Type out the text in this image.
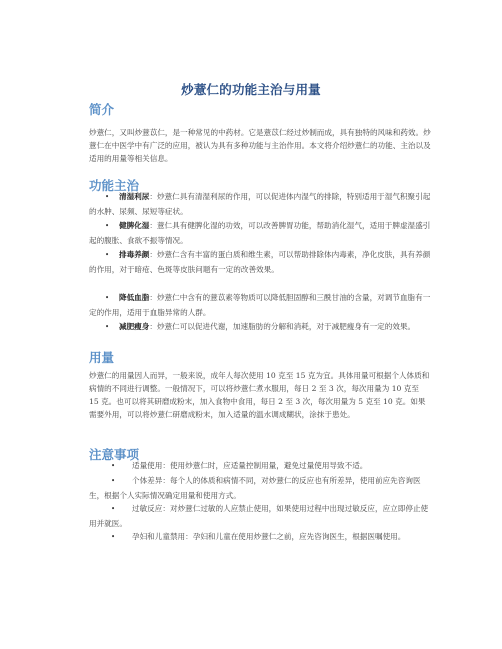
炒薏仁的功能主治与用量
简介
炒薏仁，又叫炒薏苡仁，是一种常见的中药材。它是薏苡仁经过炒制而成，具有独特的风味和药效。炒薏仁在中医学中有广泛的应用，被认为具有多种功能与主治作用。本文将介绍炒薏仁的功能、主治以及适用的用量等相关信息。
功能主治
• 清湿利尿：炒薏仁具有清湿利尿的作用，可以促进体内湿气的排除，特别适用于湿气积聚引起的水肿、尿频、尿短等症状。
• 健脾化湿：薏仁具有健脾化湿的功效，可以改善脾胃功能，帮助消化湿气，适用于脾虚湿盛引起的腹胀、食欲不振等情况。
• 排毒养颜：炒薏仁含有丰富的蛋白质和维生素，可以帮助排除体内毒素，净化皮肤，具有养颜的作用，对于暗疮、色斑等皮肤问题有一定的改善效果。
• 降低血脂：炒薏仁中含有的薏苡素等物质可以降低胆固醇和三酰甘油的含量，对调节血脂有一定的作用，适用于血脂异常的人群。
• 减肥瘦身：炒薏仁可以促进代谢，加速脂肪的分解和消耗，对于减肥瘦身有一定的效果。
用量
炒薏仁的用量因人而异，一般来说，成年人每次使用 10 克至 15 克为宜。具体用量可根据个人体质和病情的不同进行调整。一般情况下，可以将炒薏仁煮水服用，每日 2 至 3 次，每次用量为 10 克至 15 克。也可以将其研磨成粉末，加入食物中食用，每日 2 至 3 次，每次用量为 5 克至 10 克。如果需要外用，可以将炒薏仁研磨成粉末，加入适量的温水调成糊状，涂抹于患处。
注意事项
• 适量使用：使用炒薏仁时，应适量控制用量，避免过量使用导致不适。
• 个体差异：每个人的体质和病情不同，对炒薏仁的反应也有所差异，使用前应先咨询医生，根据个人实际情况确定用量和使用方式。
• 过敏反应：对炒薏仁过敏的人应禁止使用，如果使用过程中出现过敏反应，应立即停止使用并就医。
• 孕妇和儿童禁用：孕妇和儿童在使用炒薏仁之前，应先咨询医生，根据医嘱使用。
